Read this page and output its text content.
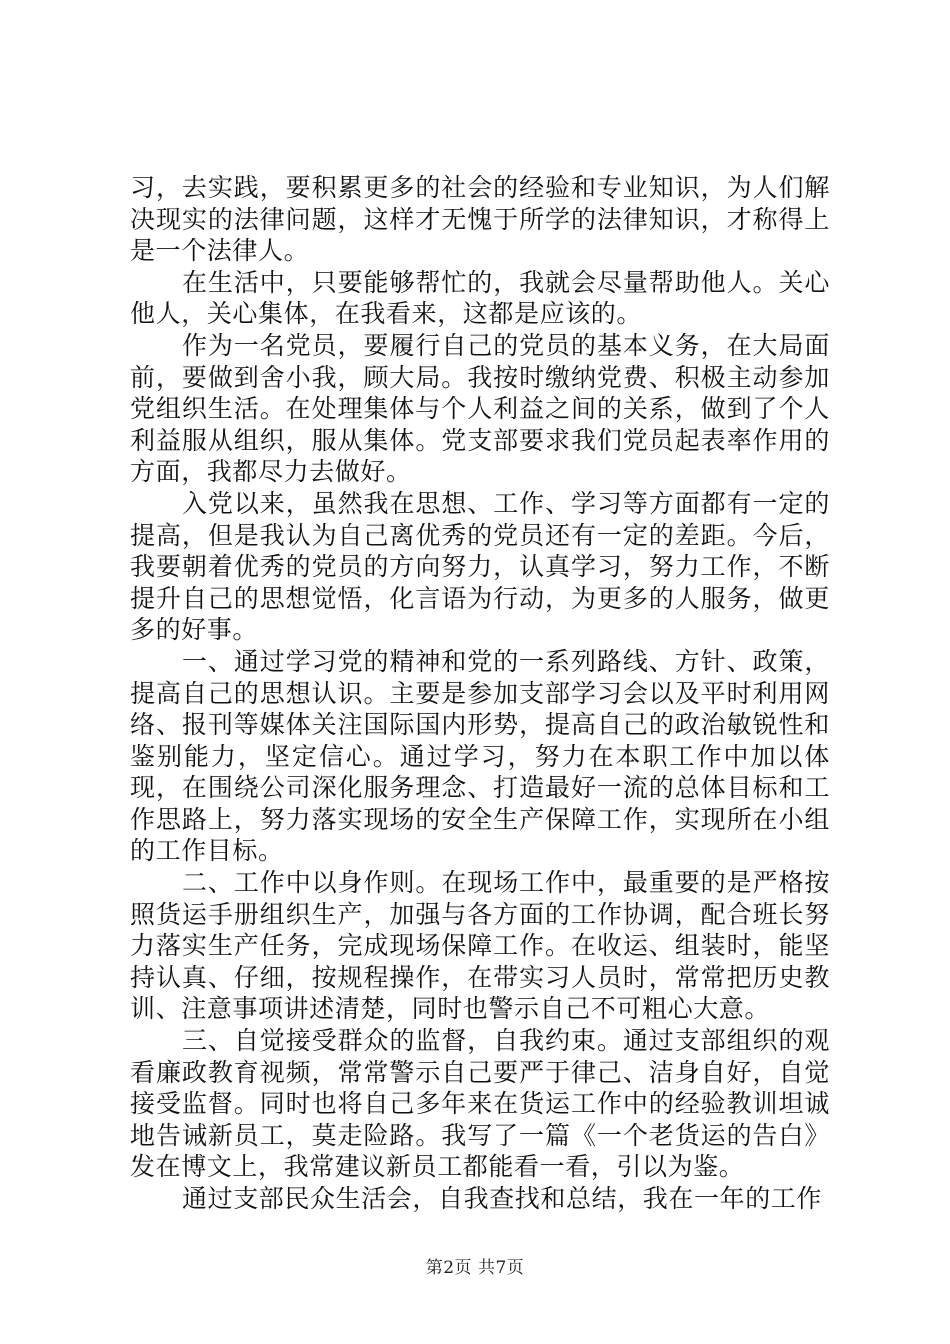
习，去实践，要积累更多的社会的经验和专业知识，为人们解决现实的法律问题，这样才无愧于所学的法律知识，才称得上是一个法律人。

在生活中，只要能够帮忙的，我就会尽量帮助他人。关心他人，关心集体，在我看来，这都是应该的。

作为一名党员，要履行自己的党员的基本义务，在大局面前，要做到舍小我，顾大局。我按时缴纳党费、积极主动参加党组织生活。在处理集体与个人利益之间的关系，做到了个人利益服从组织，服从集体。党支部要求我们党员起表率作用的方面，我都尽力去做好。

入党以来，虽然我在思想、工作、学习等方面都有一定的提高，但是我认为自己离优秀的党员还有一定的差距。今后，我要朝着优秀的党员的方向努力，认真学习，努力工作，不断提升自己的思想觉悟，化言语为行动，为更多的人服务，做更多的好事。

一、通过学习党的精神和党的一系列路线、方针、政策，提高自己的思想认识。主要是参加支部学习会以及平时利用网络、报刊等媒体关注国际国内形势，提高自己的政治敏锐性和鉴别能力，坚定信心。通过学习，努力在本职工作中加以体现，在围绕公司深化服务理念、打造最好一流的总体目标和工作思路上，努力落实现场的安全生产保障工作，实现所在小组的工作目标。

二、工作中以身作则。在现场工作中，最重要的是严格按照货运手册组织生产，加强与各方面的工作协调，配合班长努力落实生产任务，完成现场保障工作。在收运、组装时，能坚持认真、仔细，按规程操作，在带实习人员时，常常把历史教训、注意事项讲述清楚，同时也警示自己不可粗心大意。

三、自觉接受群众的监督，自我约束。通过支部组织的观看廉政教育视频，常常警示自己要严于律己、洁身自好，自觉接受监督。同时也将自己多年来在货运工作中的经验教训坦诚地告诫新员工，莫走险路。我写了一篇《一个老货运的告白》发在博文上，我常建议新员工都能看一看，引以为鉴。

通过支部民众生活会，自我查找和总结，我在一年的工作

第2页 共7页
